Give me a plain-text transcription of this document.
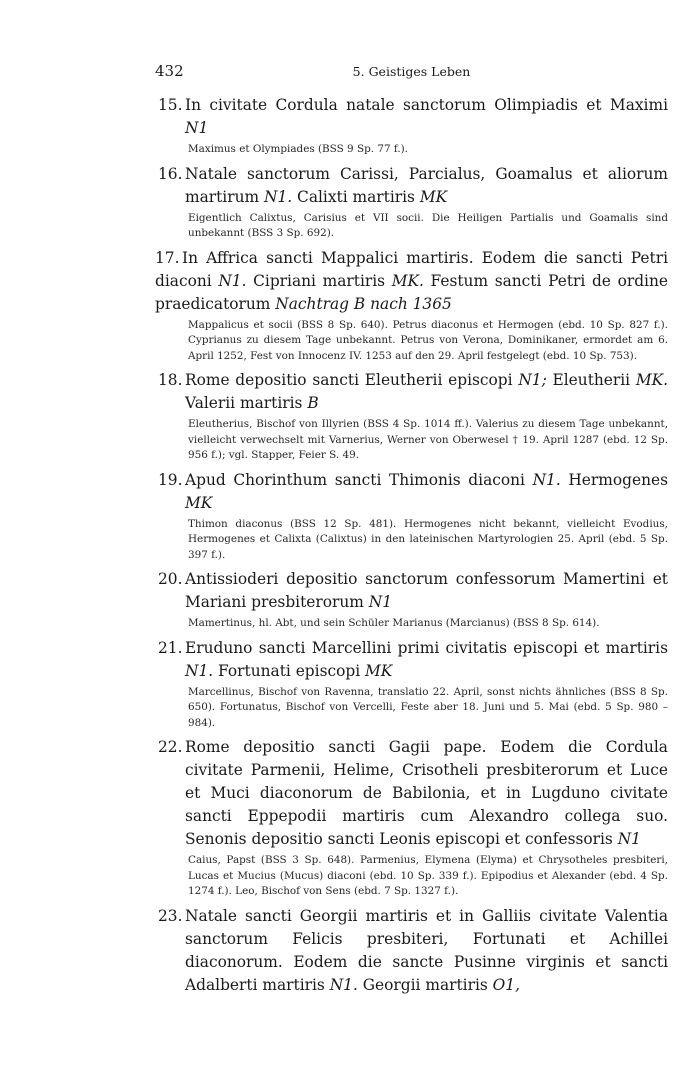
432	5. Geistiges Leben
15. In civitate Cordula natale sanctorum Olimpiadis et Maximi N1
Maximus et Olympiades (BSS 9 Sp. 77 f.).
16. Natale sanctorum Carissi, Parcialus, Goamalus et aliorum martirum N1. Calixti martiris MK
Eigentlich Calixtus, Carisius et VII socii. Die Heiligen Partialis und Goamalis sind unbekannt (BSS 3 Sp. 692).
17. In Affrica sancti Mappalici martiris. Eodem die sancti Petri diaconi N1. Cipriani martiris MK. Festum sancti Petri de ordine praedicatorum Nachtrag B nach 1365
Mappalicus et socii (BSS 8 Sp. 640). Petrus diaconus et Hermogen (ebd. 10 Sp. 827 f.). Cyprianus zu diesem Tage unbekannt. Petrus von Verona, Dominikaner, ermordet am 6. April 1252, Fest von Innocenz IV. 1253 auf den 29. April festgelegt (ebd. 10 Sp. 753).
18. Rome depositio sancti Eleutherii episcopi N1; Eleutherii MK. Valerii martiris B
Eleutherius, Bischof von Illyrien (BSS 4 Sp. 1014 ff.). Valerius zu diesem Tage unbekannt, vielleicht verwechselt mit Varnerius, Werner von Oberwesel † 19. April 1287 (ebd. 12 Sp. 956 f.); vgl. Stapper, Feier S. 49.
19. Apud Chorinthum sancti Thimonis diaconi N1. Hermogenes MK
Thimon diaconus (BSS 12 Sp. 481). Hermogenes nicht bekannt, vielleicht Evodius, Hermogenes et Calixta (Calixtus) in den lateinischen Martyrologien 25. April (ebd. 5 Sp. 397 f.).
20. Antissioderi depositio sanctorum confessorum Mamertini et Mariani presbiterorum N1
Mamertinus, hl. Abt, und sein Schüler Marianus (Marcianus) (BSS 8 Sp. 614).
21. Eruduno sancti Marcellini primi civitatis episcopi et martiris N1. Fortunati episcopi MK
Marcellinus, Bischof von Ravenna, translatio 22. April, sonst nichts ähnliches (BSS 8 Sp. 650). Fortunatus, Bischof von Vercelli, Feste aber 18. Juni und 5. Mai (ebd. 5 Sp. 980 – 984).
22. Rome depositio sancti Gagii pape. Eodem die Cordula civitate Parmenii, Helime, Crisotheli presbiterorum et Luce et Muci diaconorum de Babilonia, et in Lugduno civitate sancti Eppepodii martiris cum Alexandro collega suo. Senonis depositio sancti Leonis episcopi et confessoris N1
Caius, Papst (BSS 3 Sp. 648). Parmenius, Elymena (Elyma) et Chrysotheles presbiteri, Lucas et Mucius (Mucus) diaconi (ebd. 10 Sp. 339 f.). Epipodius et Alexander (ebd. 4 Sp. 1274 f.). Leo, Bischof von Sens (ebd. 7 Sp. 1327 f.).
23. Natale sancti Georgii martiris et in Galliis civitate Valentia sanctorum Felicis presbiteri, Fortunati et Achillei diaconorum. Eodem die sancte Pusinne virginis et sancti Adalberti martiris N1. Georgii martiris O1,
